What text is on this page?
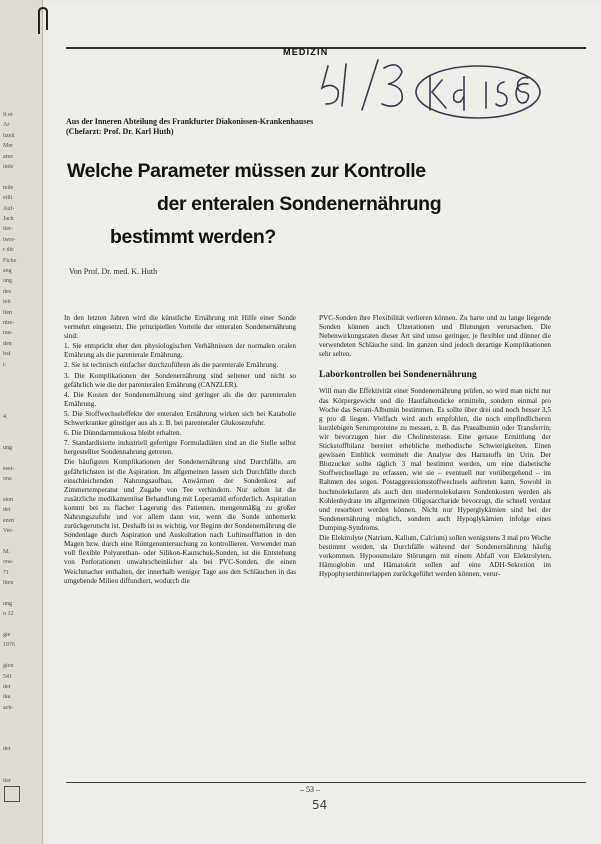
ft er
Ar
hzeil
Mer
aree
inde
teile
eilli
Auf-
Jach
iler-
twer-
r die
Fiche
ang
ung
des
leit
iten
ntre-
rau-
den
bal
i.
4.
ung
eser-
ona
slon
der
ezen
Ver-
M.
ona-
71
lhen
ung
n 12
gie
1976
gien
541
der
ika
ach-
der
tler
MEDIZIN
Aus der Inneren Abteilung des Frankfurter Diakonissen-Krankenhauses
(Chefarzt: Prof. Dr. Karl Huth)
Welche Parameter müssen zur Kontrolle
der enteralen Sondenernährung
bestimmt werden?
Von Prof. Dr. med. K. Huth

In den letzten Jahren wird die künstliche Ernährung mit Hilfe einer Sonde vermehrt eingesetzt. Die prinzipiellen Vorteile der enteralen Sondenernährung sind:

1. Sie entspricht eher den physiologischen Verhältnissen der normalen oralen Ernährung als die parenterale Ernährung.

2. Sie ist technisch einfacher durchzuführen als die parenterale Ernährung.

3. Die Komplikationen der Sondenernährung sind seltener und nicht so gefährlich wie die der parenteralen Ernährung (CANZLER).

4. Die Kosten der Sondenernährung sind geringer als die der parenteralen Ernährung.

5. Die Stoffwechseleffekte der enteralen Ernährung wirken sich bei Katabolie Schwerkranker günstiger aus als z. B. bei parenteraler Glukosezufuhr.

6. Die Dünndarmmukosa bleibt erhalten.

7. Standardisierte industriell gefertigte Formuladiäten sind an die Stelle selbst hergestellter Sondennahrung getreten.

Die häufigsten Komplikationen der Sondenernährung sind Durchfälle, am gefährlichsten ist die Aspiration. Im allgemeinen lassen sich Durchfälle durch einschleichenden Nahrungsaufbau, Anwärmen der Sondenkost auf Zimmertemperatur und Zugabe von Tee verhindern. Nur selten ist die zusätzliche medikamentöse Behandlung mit Loperamid erforderlich. Aspiration kommt bei zu flacher Lagerung des Patienten, mengenmäßig zu großer Nahrungszufuhr und vor allem dann vor, wenn die Sonde unbemerkt zurückgerutscht ist. Deshalb ist es wichtig, vor Beginn der Sondenernährung die Sondenlage durch Aspiration und Auskultation nach Luftinsufflation in den Magen bzw. durch eine Röntgenuntersuchung zu kontrollieren. Verwendet man voll flexible Polyurethan- oder Silikon-Kautschuk-Sonden, ist die Entstehung von Perforationen unwahrscheinlicher als bei PVC-Sonden, die einen Weichmacher enthalten, der innerhalb weniger Tage aus den Schläuchen in das umgebende Milieu diffundiert, wodurch die

PVC-Sonden ihre Flexibilität verlieren können. Zu harte und zu lange liegende Sonden können auch Ulzerationen und Blutungen verursachen. Die Nebenwirkungsraten dieser Art sind umso geringer, je flexibler und dünner die verwendeten Schläuche sind. Im ganzen sind jedoch derartige Komplikationen sehr selten.

Laborkontrollen bei Sondenernährung

Will man die Effektivität einer Sondenernährung prüfen, so wird man nicht nur das Körpergewicht und die Hautfaltendicke ermitteln, sondern einmal pro Woche das Serum-Albumin bestimmen. Es sollte über drei und noch besser 3,5 g pro dl liegen. Vielfach wird auch empfohlen, die noch empfindlicheren kurzlebigen Serumproteine zu messen, z. B. das Praealbumin oder Transferrin; wir bevorzugen hier die Cholinesterase. Eine genaue Ermittlung der Stickstoffbilanz bereitet erhebliche methodische Schwierigkeiten. Einen gewissen Einblick vermittelt die Analyse des Harnstoffs im Urin. Der Blutzucker sollte täglich 3 mal bestimmt werden, um eine diabetische Stoffwechsellage zu erfassen, wie sie – eventuell nur vorübergehend – im Rahmen des sogen. Postaggressionsstoffwechsels auftreten kann. Sowohl in hochmolekularen als auch den niedermolekularen Sondenkosten werden als Kohlenhydrate im allgemeinen Oligosaccharide bevorzugt, die schnell verdaut und resorbiert werden können. Nicht nur Hyperglykämien sind bei der Sondenernährung möglich, sondern auch Hypoglykämien infolge eines Dumping-Syndroms.

Die Elektrolyte (Natrium, Kalium, Calcium) sollen wenigstens 3 mal pro Woche bestimmt werden, da Durchfälle während der Sondenernährung häufig vorkommen. Hypoosmolare Störungen mit einem Abfall von Elektrolyten, Hämoglobin und Hämatokrit sollen auf eine ADH-Sekretion im Hypophysenhinterlappen zurückgeführt werden können, verur-

– 53 –
54
